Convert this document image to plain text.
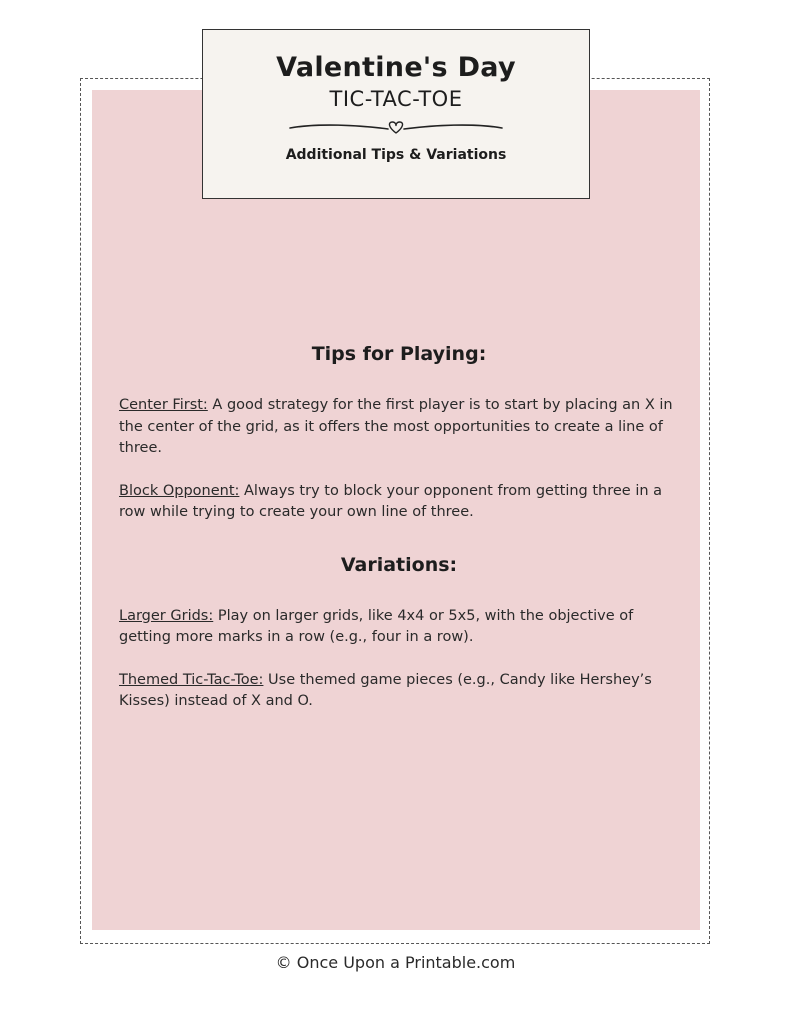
Valentine's Day
TIC-TAC-TOE
Additional Tips & Variations
Tips for Playing:

Center First: A good strategy for the first player is to start by placing an X in the center of the grid, as it offers the most opportunities to create a line of three.

Block Opponent: Always try to block your opponent from getting three in a row while trying to create your own line of three.

Variations:

Larger Grids: Play on larger grids, like 4x4 or 5x5, with the objective of getting more marks in a row (e.g., four in a row).

Themed Tic-Tac-Toe: Use themed game pieces (e.g., Candy like Hershey’s Kisses) instead of X and O.

© Once Upon a Printable.com
